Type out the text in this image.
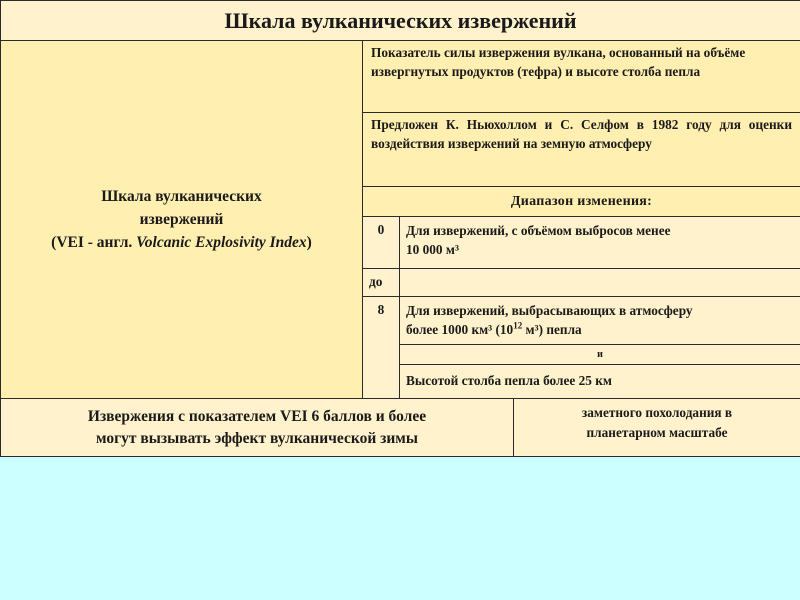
Шкала вулканических извержений			
Шкала вулканических
извержений
(VEI - англ. Volcanic Explosivity Index)	Показатель силы извержения вулкана, основанный на объёме извергнутых продуктов (тефра) и высоте столба пепла		
	Предложен К. Ньюхоллом и С. Селфом в 1982 году для оценки воздействия извержений на земную атмосферу		
	Диапазон изменения:		
	0	Для извержений, с объёмом выбросов менее
10 000 м³	
	до		
	8	Для извержений, выбрасывающих в атмосферу
более 1000 км³ ($10^{12}$ м³) пепла	
		и	
		Высотой столба пепла более 25 км	
Извержения с показателем VEI 6 баллов и более
могут вызывать эффект вулканической зимы			заметного похолодания в
планетарном масштабе
